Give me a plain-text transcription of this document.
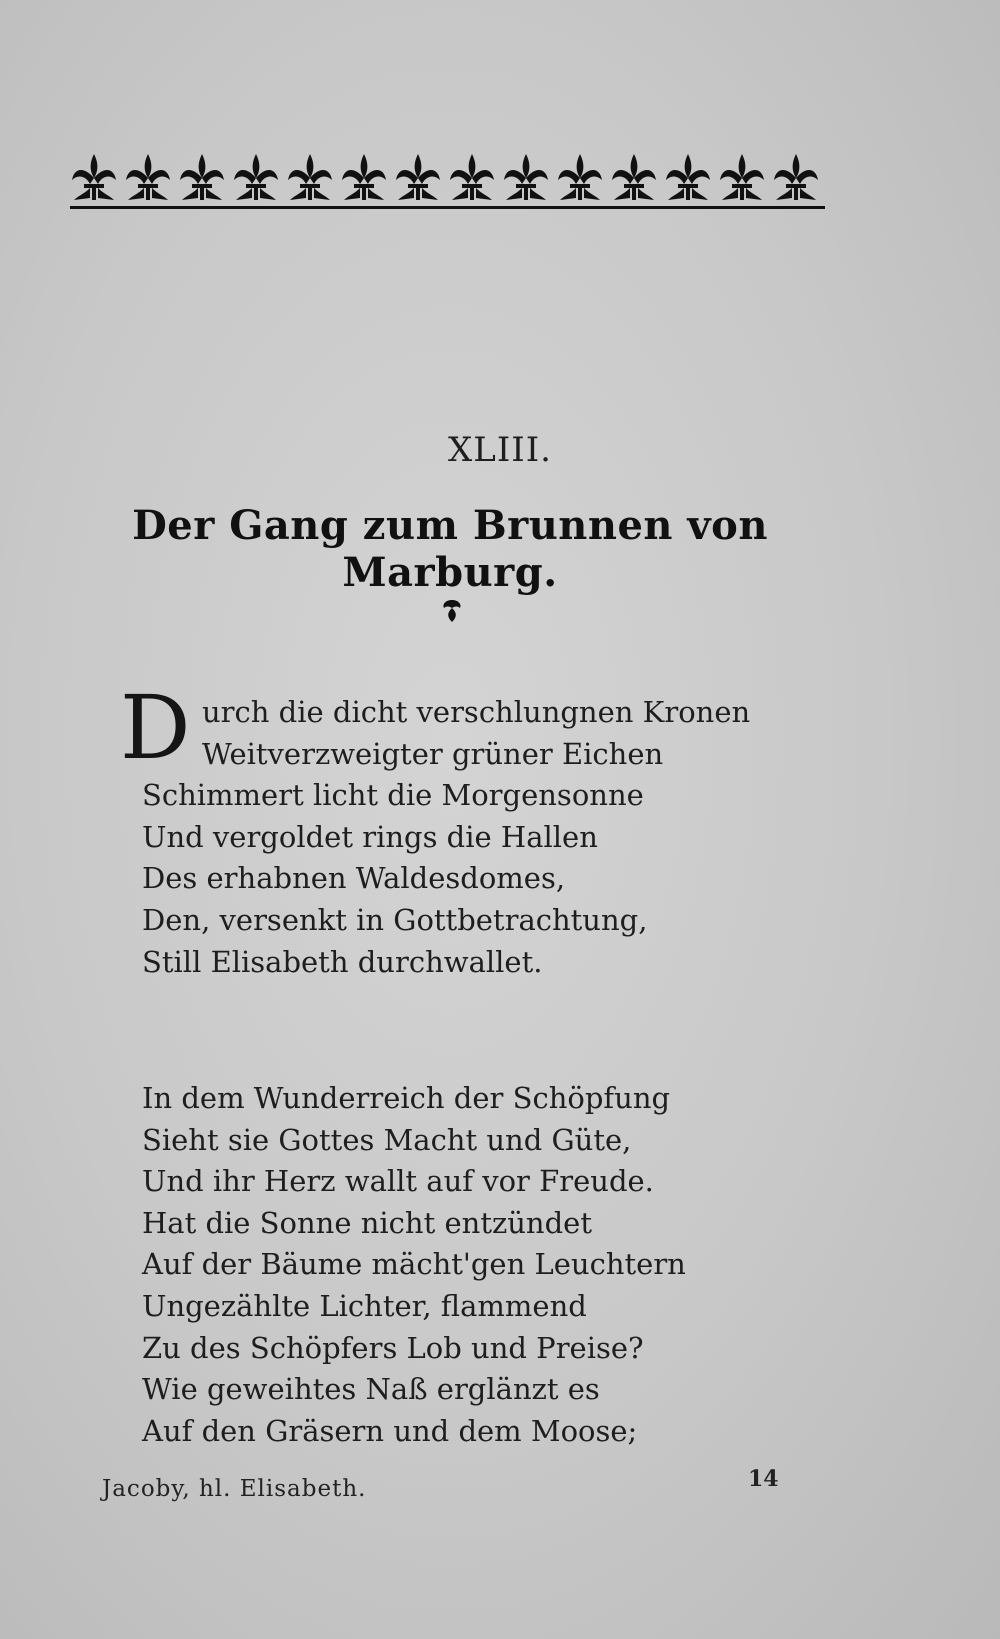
XLIII.
Der Gang zum Brunnen von Marburg.
D urch die dicht verschlungnen Kronen
Weitverzweigter grüner Eichen
Schimmert licht die Morgensonne
Und vergoldet rings die Hallen
Des erhabnen Waldesdomes,
Den, versenkt in Gottbetrachtung,
Still Elisabeth durchwallet.
In dem Wunderreich der Schöpfung
Sieht sie Gottes Macht und Güte,
Und ihr Herz wallt auf vor Freude.
Hat die Sonne nicht entzündet
Auf der Bäume mächt'gen Leuchtern
Ungezählte Lichter, flammend
Zu des Schöpfers Lob und Preise?
Wie geweihtes Naß erglänzt es
Auf den Gräsern und dem Moose;
Jacoby, hl. Elisabeth.	14
